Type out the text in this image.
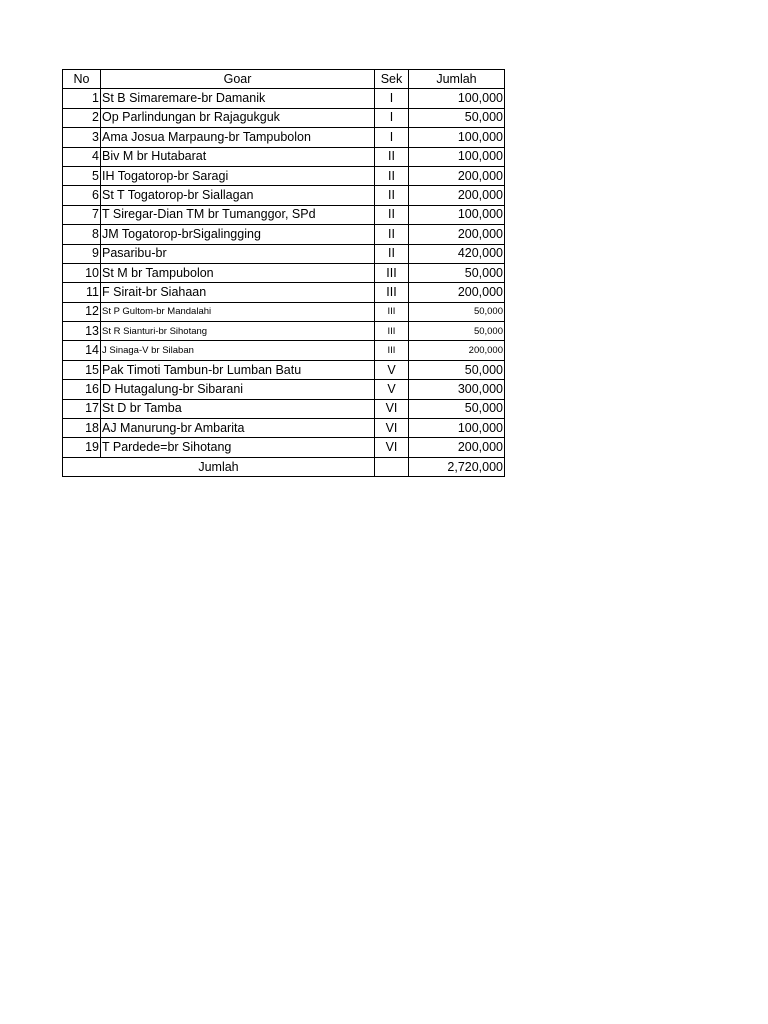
No	Goar	Sek	Jumlah
1	St B Simaremare-br Damanik	I	100,000
2	Op Parlindungan br Rajagukguk	I	50,000
3	Ama Josua Marpaung-br Tampubolon	I	100,000
4	Biv M br Hutabarat	II	100,000
5	IH Togatorop-br Saragi	II	200,000
6	St T Togatorop-br Siallagan	II	200,000
7	T Siregar-Dian TM br Tumanggor, SPd	II	100,000
8	JM Togatorop-brSigalingging	II	200,000
9	Pasaribu-br	II	420,000
10	St M br Tampubolon	III	50,000
11	F Sirait-br Siahaan	III	200,000
12	St P Gultom-br Mandalahi	III	50,000
13	St R Sianturi-br Sihotang	III	50,000
14	J Sinaga-V br Silaban	III	200,000
15	Pak Timoti Tambun-br Lumban Batu	V	50,000
16	D Hutagalung-br Sibarani	V	300,000
17	St D br Tamba	VI	50,000
18	AJ Manurung-br Ambarita	VI	100,000
19	T Pardede=br Sihotang	VI	200,000
Jumlah			2,720,000
